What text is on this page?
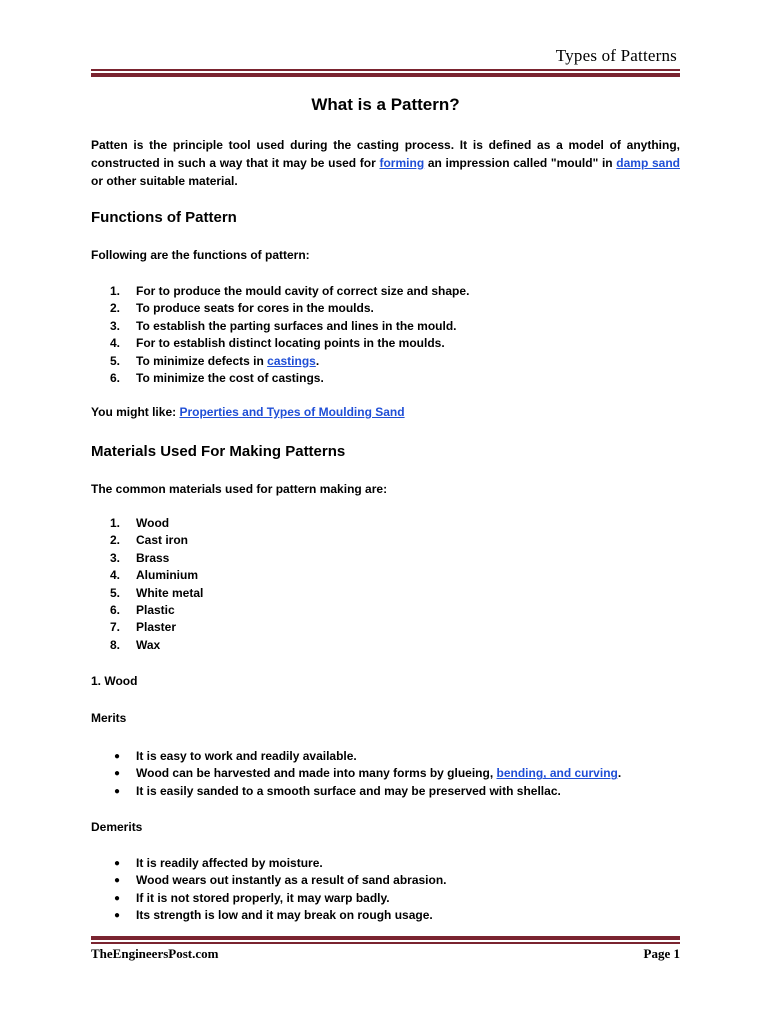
Types of Patterns
What is a Pattern?
Patten is the principle tool used during the casting process. It is defined as a model of anything, constructed in such a way that it may be used for forming an impression called "mould" in damp sand or other suitable material.
Functions of Pattern
Following are the functions of pattern:
1. For to produce the mould cavity of correct size and shape.
2. To produce seats for cores in the moulds.
3. To establish the parting surfaces and lines in the mould.
4. For to establish distinct locating points in the moulds.
5. To minimize defects in castings.
6. To minimize the cost of castings.
You might like: Properties and Types of Moulding Sand
Materials Used For Making Patterns
The common materials used for pattern making are:
1. Wood
2. Cast iron
3. Brass
4. Aluminium
5. White metal
6. Plastic
7. Plaster
8. Wax
1. Wood
Merits
● It is easy to work and readily available.
● Wood can be harvested and made into many forms by glueing, bending, and curving.
● It is easily sanded to a smooth surface and may be preserved with shellac.
Demerits
● It is readily affected by moisture.
● Wood wears out instantly as a result of sand abrasion.
● If it is not stored properly, it may warp badly.
● Its strength is low and it may break on rough usage.
TheEngineersPost.com	Page 1
